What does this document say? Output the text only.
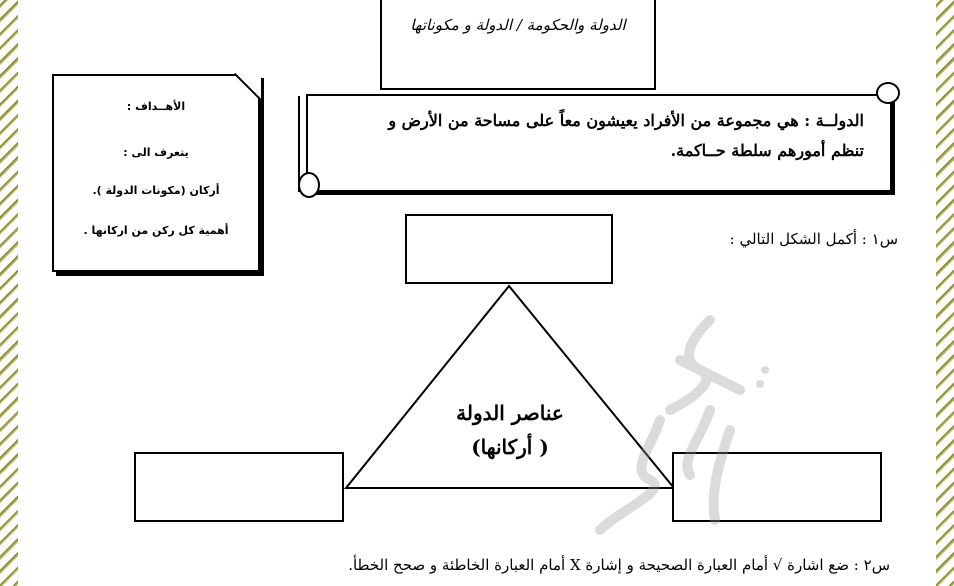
الدولة والحكومة / الدولة و مكوناتها

الأهــداف :

يتعرف الى :

أركان (مكونات الدولة ).

أهمية كل ركن من اركانها .

الدولــة : هي مجموعة من الأفراد يعيشون معاً على مساحة من الأرض و
تنظم أمورهم سلطة حــاكمة.
س١ : أكمل الشكل التالي :
عناصر الدولة
( أركانها)
س٢ : ضع اشارة √ أمام العبارة الصحيحة و إشارة X أمام العبارة الخاطئة و صحح الخطأ.
